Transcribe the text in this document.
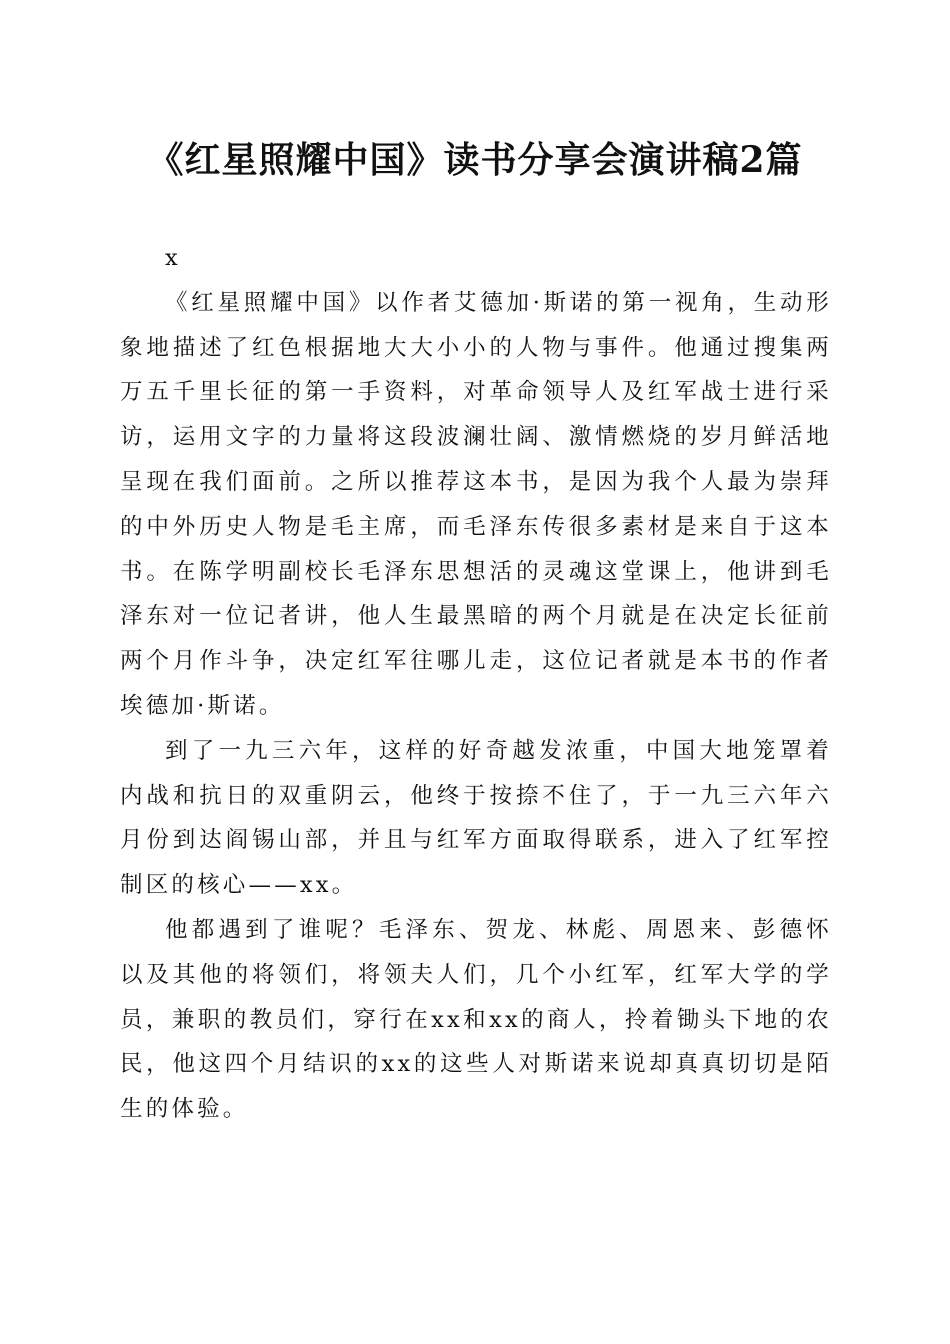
《红星照耀中国》读书分享会演讲稿2篇

x

《红星照耀中国》以作者艾德加·斯诺的第一视角，生动形象地描述了红色根据地大大小小的人物与事件。他通过搜集两万五千里长征的第一手资料，对革命领导人及红军战士进行采访，运用文字的力量将这段波澜壮阔、激情燃烧的岁月鲜活地呈现在我们面前。之所以推荐这本书，是因为我个人最为崇拜的中外历史人物是毛主席，而毛泽东传很多素材是来自于这本书。在陈学明副校长毛泽东思想活的灵魂这堂课上，他讲到毛泽东对一位记者讲，他人生最黑暗的两个月就是在决定长征前两个月作斗争，决定红军往哪儿走，这位记者就是本书的作者埃德加·斯诺。

到了一九三六年，这样的好奇越发浓重，中国大地笼罩着内战和抗日的双重阴云，他终于按捺不住了，于一九三六年六月份到达阎锡山部，并且与红军方面取得联系，进入了红军控制区的核心——xx。

他都遇到了谁呢？毛泽东、贺龙、林彪、周恩来、彭德怀以及其他的将领们，将领夫人们，几个小红军，红军大学的学员，兼职的教员们，穿行在xx和xx的商人，拎着锄头下地的农民，他这四个月结识的xx的这些人对斯诺来说却真真切切是陌生的体验。
